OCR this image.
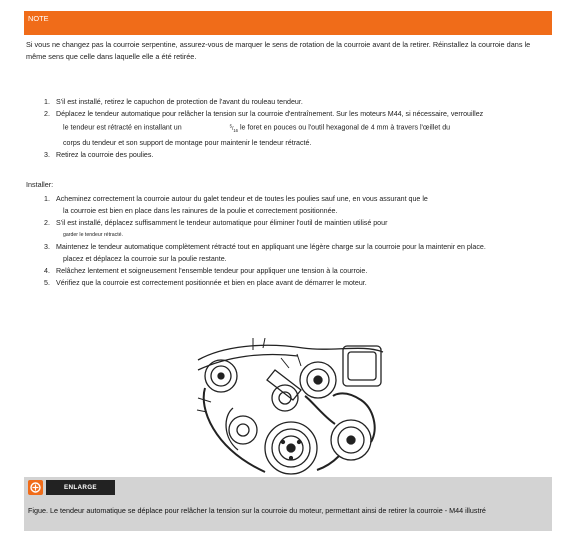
NOTE
Si vous ne changez pas la courroie serpentine, assurez-vous de marquer le sens de rotation de la courroie avant de la retirer. Réinstallez la courroie dans le même sens que celle dans laquelle elle a été retirée.
1. S'il est installé, retirez le capuchon de protection de l'avant du rouleau tendeur.
2. Déplacez le tendeur automatique pour relâcher la tension sur la courroie d'entraînement. Sur les moteurs M44, si nécessaire, verrouillez
le tendeur est rétracté en installant un	$^5/_{16}$ le foret en pouces ou l'outil hexagonal de 4 mm à travers l'œillet du
corps du tendeur et son support de montage pour maintenir le tendeur rétracté.
3. Retirez la courroie des poulies.
Installer:
1. Acheminez correctement la courroie autour du galet tendeur et de toutes les poulies sauf une, en vous assurant que le
la courroie est bien en place dans les rainures de la poulie et correctement positionnée.
2. S'il est installé, déplacez suffisamment le tendeur automatique pour éliminer l'outil de maintien utilisé pour
garder le tendeur rétracté.
3. Maintenez le tendeur automatique complètement rétracté tout en appliquant une légère charge sur la courroie pour la maintenir en place.
placez et déplacez la courroie sur la poulie restante.
4. Relâchez lentement et soigneusement l'ensemble tendeur pour appliquer une tension à la courroie.
5. Vérifiez que la courroie est correctement positionnée et bien en place avant de démarrer le moteur.
ENLARGE
Figue. Le tendeur automatique se déplace pour relâcher la tension sur la courroie du moteur, permettant ainsi de retirer la courroie - M44 illustré
